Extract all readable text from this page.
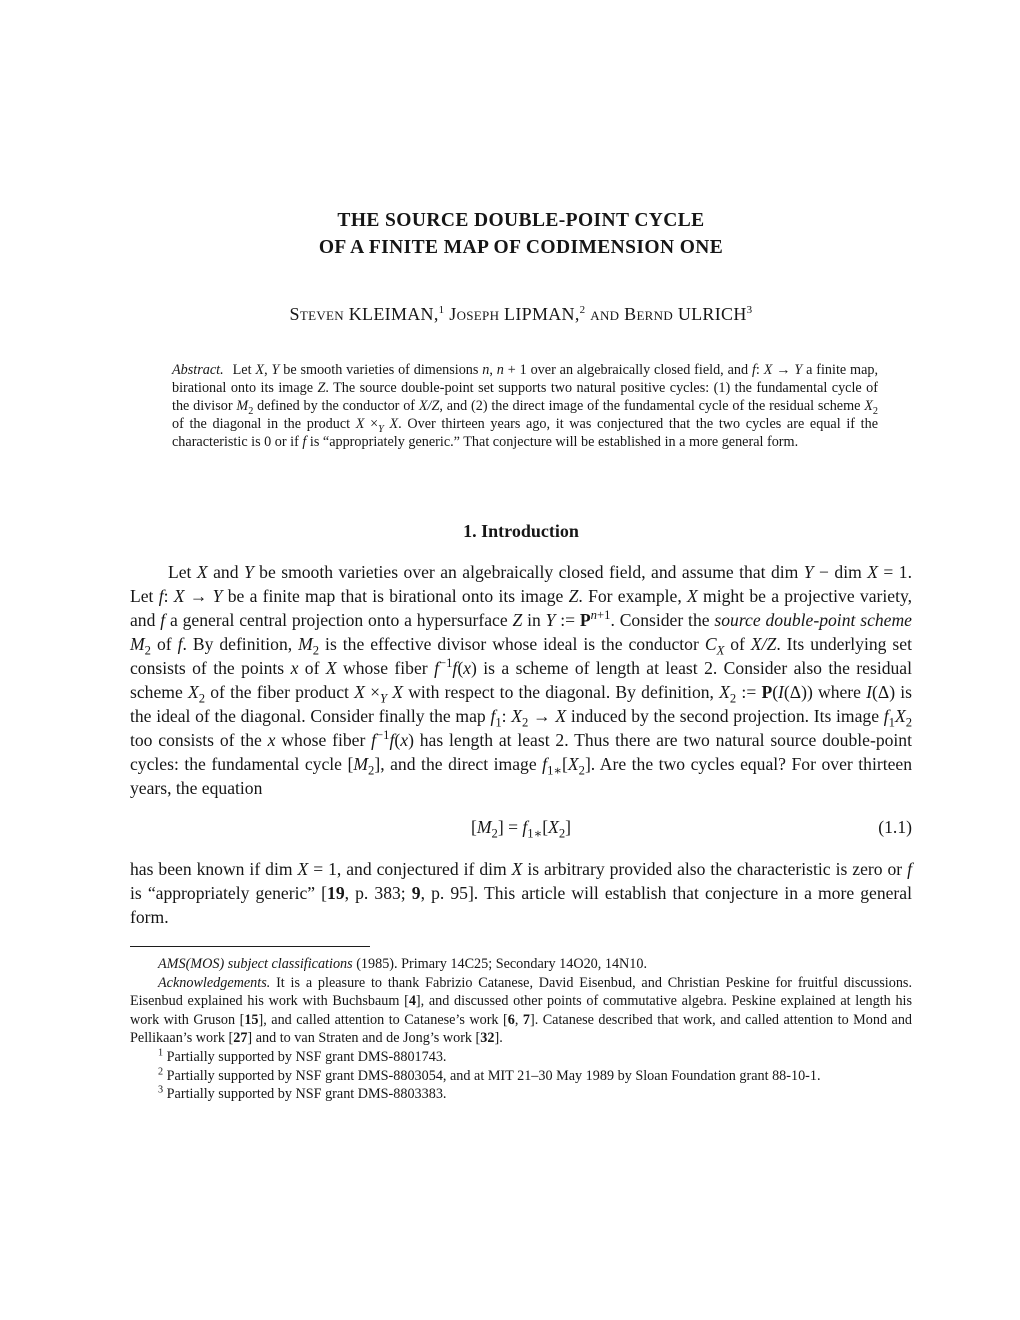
THE SOURCE DOUBLE-POINT CYCLE
OF A FINITE MAP OF CODIMENSION ONE
Steven KLEIMAN,$^1$ Joseph LIPMAN,$^2$ and Bernd ULRICH$^3$
Abstract. Let X, Y be smooth varieties of dimensions n, n + 1 over an algebraically closed field, and f: X → Y a finite map, birational onto its image Z. The source double-point set supports two natural positive cycles: (1) the fundamental cycle of the divisor $M_2$ defined by the conductor of X/Z, and (2) the direct image of the fundamental cycle of the residual scheme $X_2$ of the diagonal in the product $X \times_Y$ X. Over thirteen years ago, it was conjectured that the two cycles are equal if the characteristic is 0 or if f is “appropriately generic.” That conjecture will be established in a more general form.
1. Introduction

Let X and Y be smooth varieties over an algebraically closed field, and assume that dim Y − dim X = 1. Let f: X → Y be a finite map that is birational onto its image Z. For example, X might be a projective variety, and f a general central projection onto a hypersurface Z in Y := $P^{n+1}$. Consider the source double-point scheme $M_2$ of f. By definition, $M_2$ is the effective divisor whose ideal is the conductor $C_X$ of X/Z. Its underlying set consists of the points x of X whose fiber $f^{-1}f(x)$ is a scheme of length at least 2. Consider also the residual scheme $X_2$ of the fiber product $X \times_Y$ X with respect to the diagonal. By definition, $X_2$ := P(I(Δ)) where I(Δ) is the ideal of the diagonal. Consider finally the map $f_1$: $X_2 \to X$ induced by the second projection. Its image $f_1X_2$ too consists of the x whose fiber $f^{-1}f(x)$ has length at least 2. Thus there are two natural source double-point cycles: the fundamental cycle $[M_2]$, and the direct image $f_{1∗}[X_2]$. Are the two cycles equal? For over thirteen years, the equation

$[M_2] = f_{1∗}[X_2]$	(1.1)

has been known if dim X = 1, and conjectured if dim X is arbitrary provided also the characteristic is zero or f is “appropriately generic” [19, p. 383; 9, p. 95]. This article will establish that conjecture in a more general form.

AMS(MOS) subject classifications (1985). Primary 14C25; Secondary 14O20, 14N10.

Acknowledgements. It is a pleasure to thank Fabrizio Catanese, David Eisenbud, and Christian Peskine for fruitful discussions. Eisenbud explained his work with Buchsbaum [4], and discussed other points of commutative algebra. Peskine explained at length his work with Gruson [15], and called attention to Catanese’s work [6, 7]. Catanese described that work, and called attention to Mond and Pellikaan’s work [27] and to van Straten and de Jong’s work [32].

$^1$ Partially supported by NSF grant DMS-8801743.

$^2$ Partially supported by NSF grant DMS-8803054, and at MIT 21–30 May 1989 by Sloan Foundation grant 88-10-1.

$^3$ Partially supported by NSF grant DMS-8803383.
